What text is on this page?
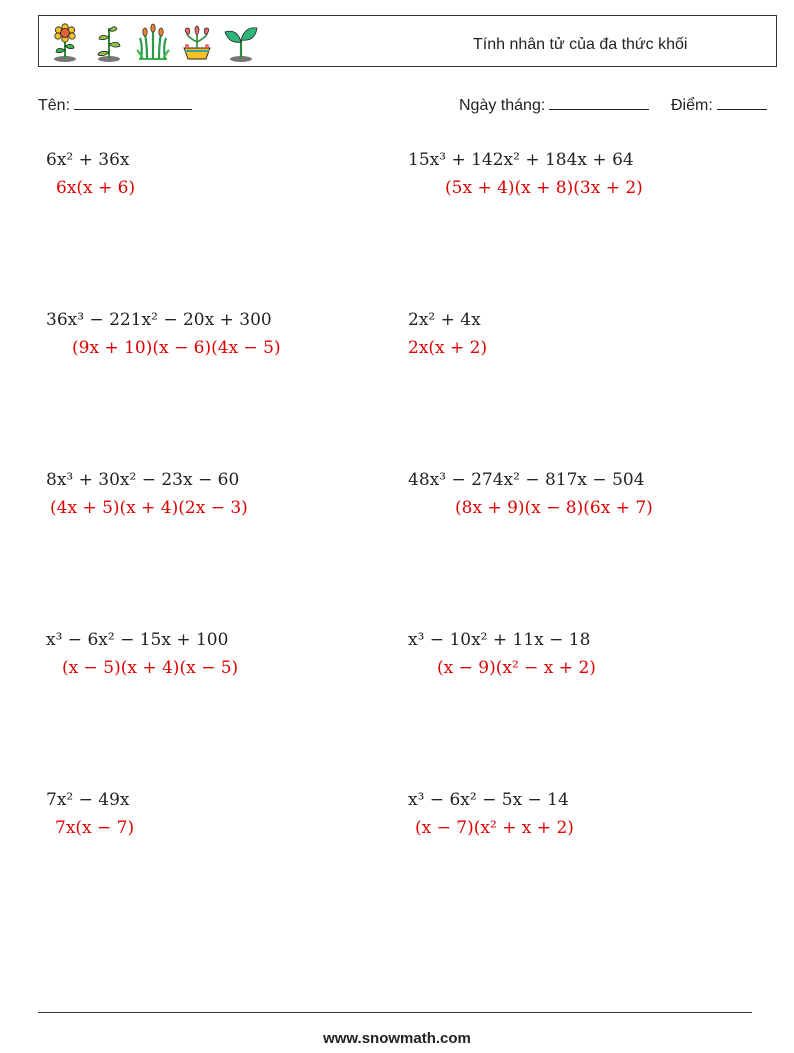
Tính nhân tử của đa thức khối
Tên:	Ngày tháng:	Điểm:
6x² + 36x
6x(x + 6)
15x³ + 142x² + 184x + 64
(5x + 4)(x + 8)(3x + 2)
36x³ − 221x² − 20x + 300
(9x + 10)(x − 6)(4x − 5)
2x² + 4x
2x(x + 2)
8x³ + 30x² − 23x − 60
(4x + 5)(x + 4)(2x − 3)
48x³ − 274x² − 817x − 504
(8x + 9)(x − 8)(6x + 7)
x³ − 6x² − 15x + 100
(x − 5)(x + 4)(x − 5)
x³ − 10x² + 11x − 18
(x − 9)(x² − x + 2)
7x² − 49x
7x(x − 7)
x³ − 6x² − 5x − 14
(x − 7)(x² + x + 2)
www.snowmath.com
